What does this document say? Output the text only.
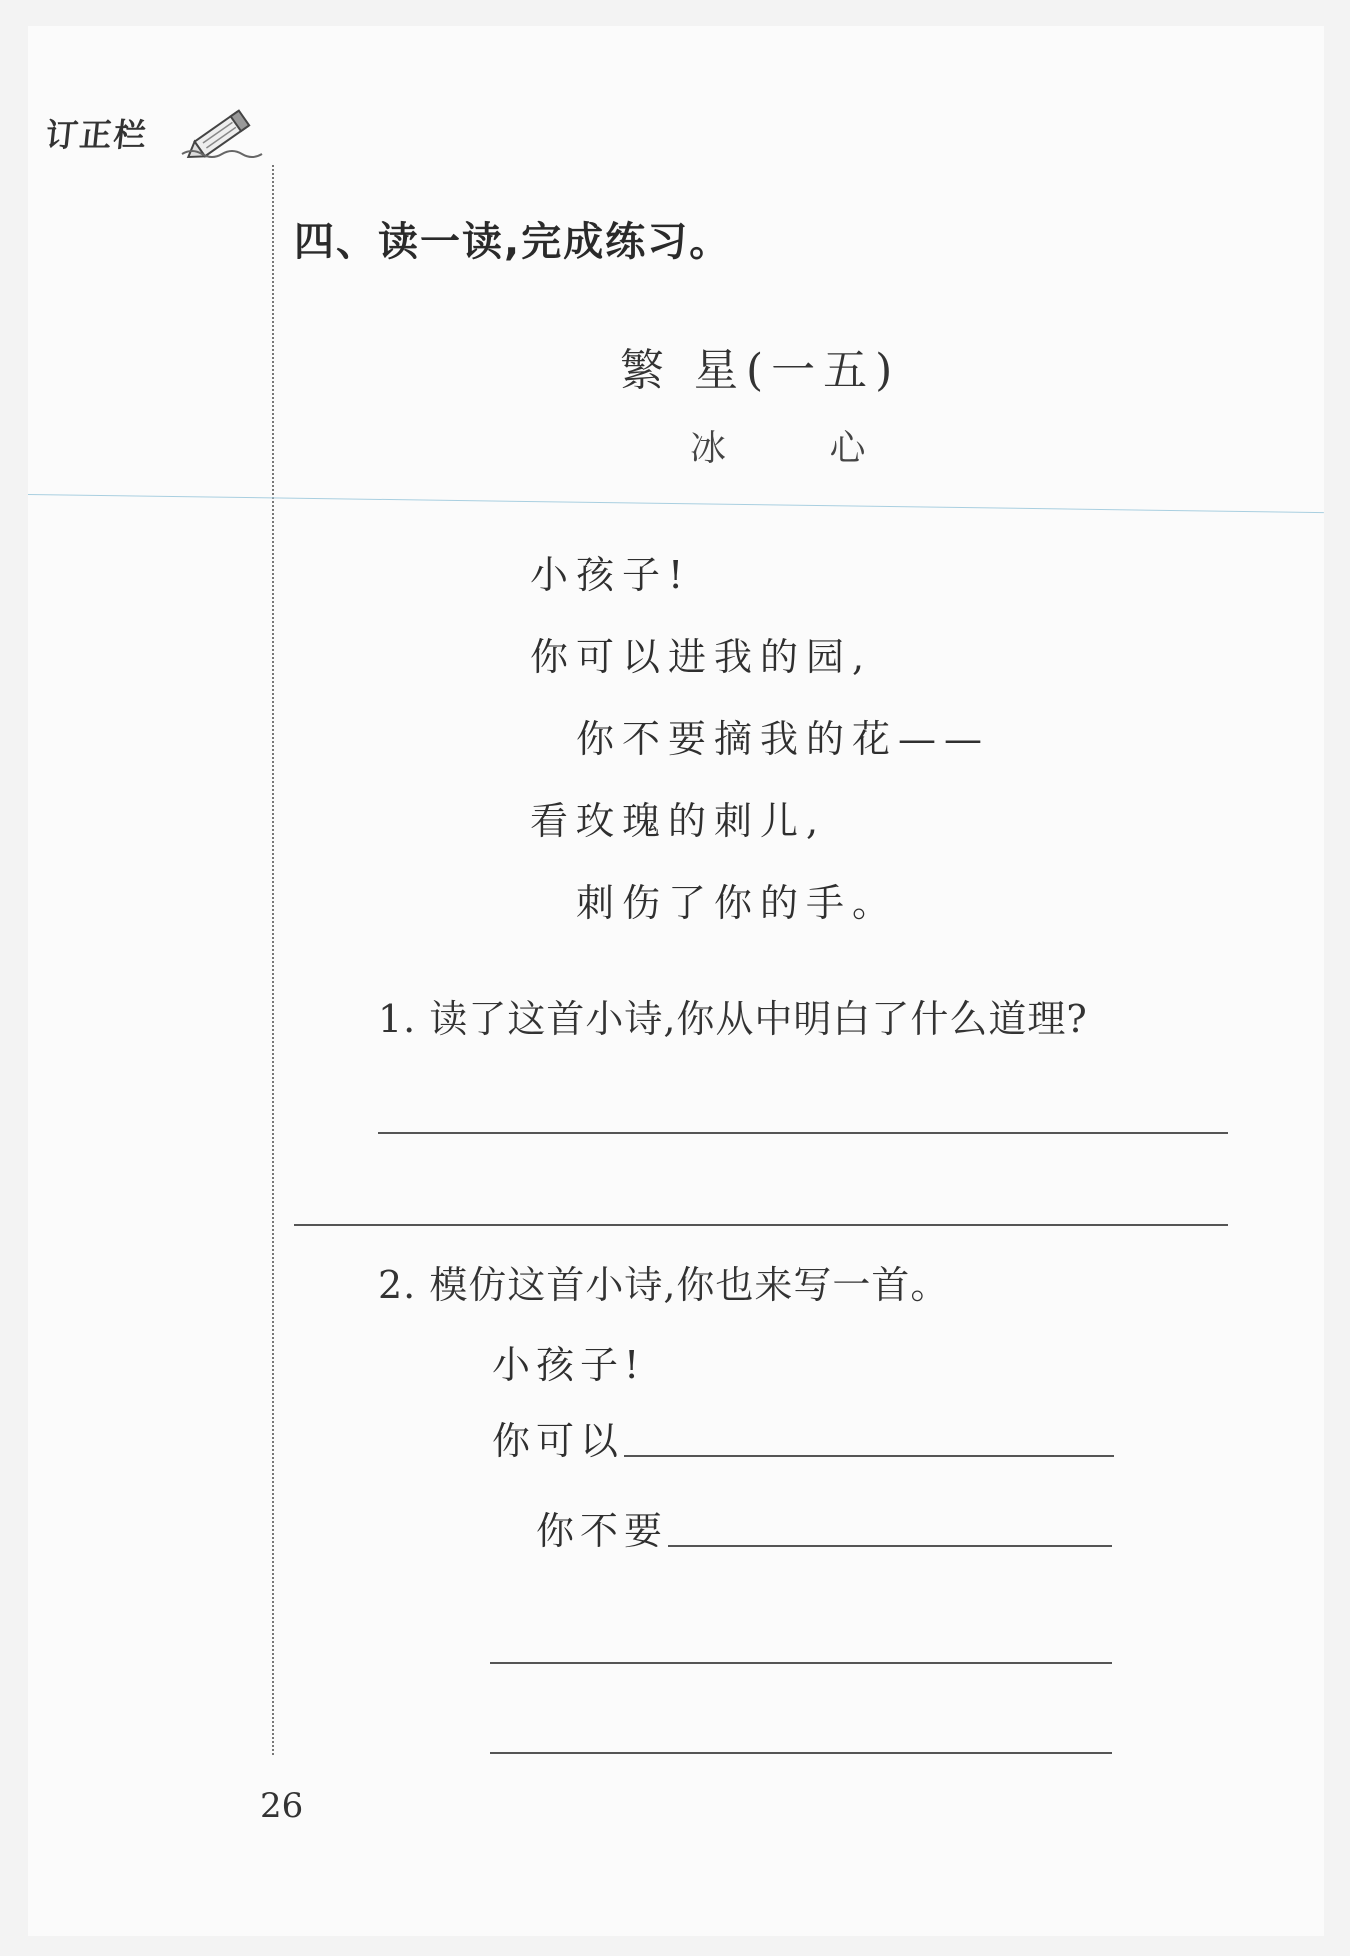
订正栏
四、读一读,完成练习。
繁 星(一五)
冰 心
小孩子!
你可以进我的园,
你不要摘我的花——
看玫瑰的刺儿,
刺伤了你的手。
1. 读了这首小诗,你从中明白了什么道理?
2. 模仿这首小诗,你也来写一首。
小孩子!
你可以
你不要
26
